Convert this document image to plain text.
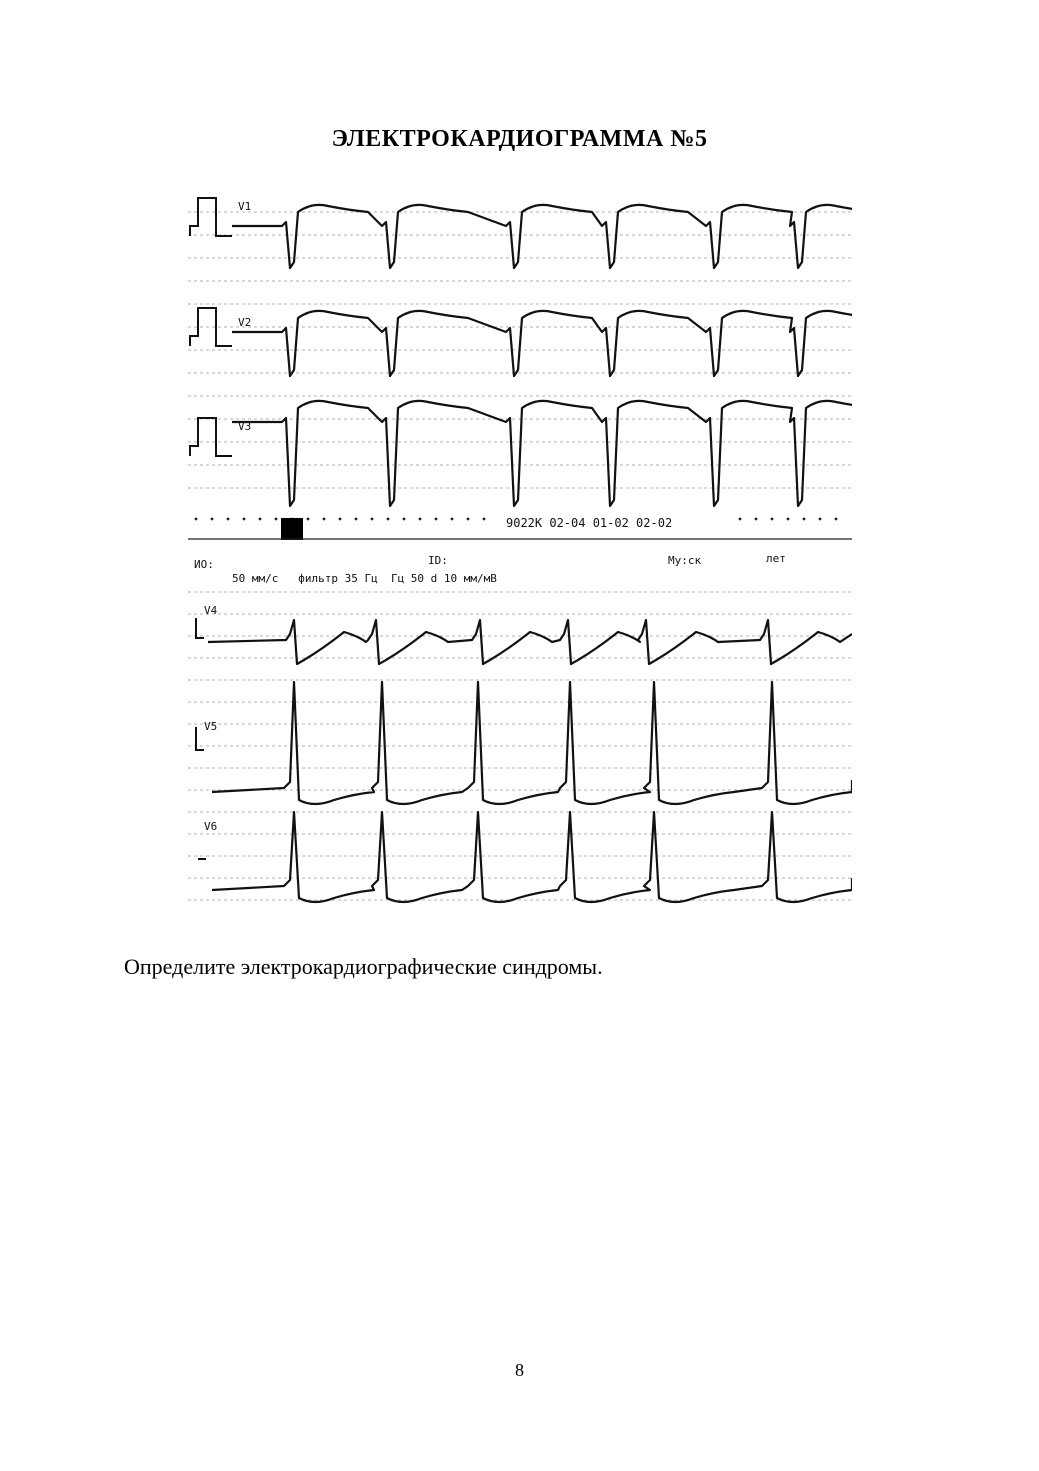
ЭЛЕКТРОКАРДИОГРАММА №5
V1
V2
V3
V4
V5
V6
9022K 02-04 01-02 02-02
ИО:	ID:	Му:ск	лет
50 мм/с   фильтр 35 Гц  Гц 50 d 10 мм/мВ
Определите электрокардиографические синдромы.
8
